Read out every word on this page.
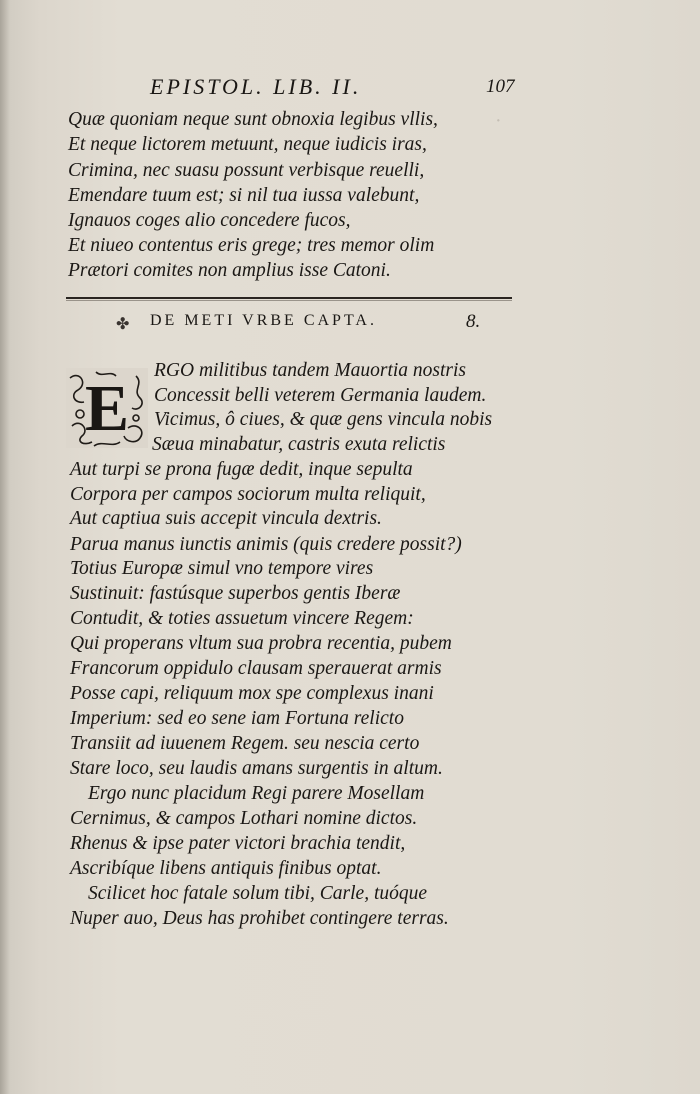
·
EPISTOL. LIB. II.	107
Quæ quoniam neque sunt obnoxia legibus vllis,
Et neque lictorem metuunt, neque iudicis iras,
Crimina, nec suasu possunt verbisque reuelli,
Emendare tuum est; si nil tua iussa valebunt,
Ignauos coges alio concedere fucos,
Et niueo contentus eris grege; tres memor olim
Prætori comites non amplius isse Catoni.
✤ DE METI VRBE CAPTA.	8.
E
RGO militibus tandem Mauortia nostris
Concessit belli veterem Germania laudem.
Vicimus, ô ciues, & quæ gens vincula nobis
Sæua minabatur, castris exuta relictis
Aut turpi se prona fugæ dedit, inque sepulta
Corpora per campos sociorum multa reliquit,
Aut captiua suis accepit vincula dextris.
Parua manus iunctis animis (quis credere possit?)
Totius Europæ simul vno tempore vires
Sustinuit: fastúsque superbos gentis Iberæ
Contudit, & toties assuetum vincere Regem:
Qui properans vltum sua probra recentia, pubem
Francorum oppidulo clausam sperauerat armis
Posse capi, reliquum mox spe complexus inani
Imperium: sed eo sene iam Fortuna relicto
Transiit ad iuuenem Regem. seu nescia certo
Stare loco, seu laudis amans surgentis in altum.
Ergo nunc placidum Regi parere Mosellam
Cernimus, & campos Lothari nomine dictos.
Rhenus & ipse pater victori brachia tendit,
Ascribíque libens antiquis finibus optat.
Scilicet hoc fatale solum tibi, Carle, tuóque
Nuper auo, Deus has prohibet contingere terras.
